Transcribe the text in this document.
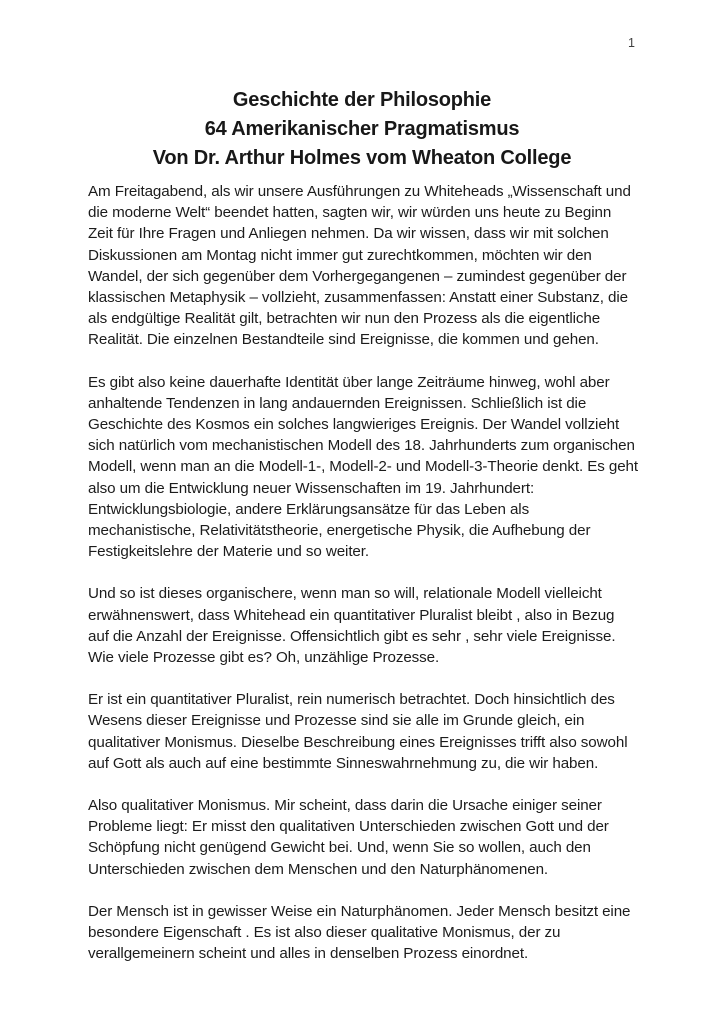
1
Geschichte der Philosophie
64 Amerikanischer Pragmatismus
Von Dr. Arthur Holmes vom Wheaton College

Am Freitagabend, als wir unsere Ausführungen zu Whiteheads „Wissenschaft und die moderne Welt“ beendet hatten, sagten wir, wir würden uns heute zu Beginn Zeit für Ihre Fragen und Anliegen nehmen. Da wir wissen, dass wir mit solchen Diskussionen am Montag nicht immer gut zurechtkommen, möchten wir den Wandel, der sich gegenüber dem Vorhergegangenen – zumindest gegenüber der klassischen Metaphysik – vollzieht, zusammenfassen: Anstatt einer Substanz, die als endgültige Realität gilt, betrachten wir nun den Prozess als die eigentliche Realität. Die einzelnen Bestandteile sind Ereignisse, die kommen und gehen.

Es gibt also keine dauerhafte Identität über lange Zeiträume hinweg, wohl aber anhaltende Tendenzen in lang andauernden Ereignissen. Schließlich ist die Geschichte des Kosmos ein solches langwieriges Ereignis. Der Wandel vollzieht sich natürlich vom mechanistischen Modell des 18. Jahrhunderts zum organischen Modell, wenn man an die Modell-1-, Modell-2- und Modell-3-Theorie denkt. Es geht also um die Entwicklung neuer Wissenschaften im 19. Jahrhundert: Entwicklungsbiologie, andere Erklärungsansätze für das Leben als mechanistische, Relativitätstheorie, energetische Physik, die Aufhebung der Festigkeitslehre der Materie und so weiter.

Und so ist dieses organischere, wenn man so will, relationale Modell vielleicht erwähnenswert, dass Whitehead ein quantitativer Pluralist bleibt , also in Bezug auf die Anzahl der Ereignisse. Offensichtlich gibt es sehr , sehr viele Ereignisse. Wie viele Prozesse gibt es? Oh, unzählige Prozesse.

Er ist ein quantitativer Pluralist, rein numerisch betrachtet. Doch hinsichtlich des Wesens dieser Ereignisse und Prozesse sind sie alle im Grunde gleich, ein qualitativer Monismus. Dieselbe Beschreibung eines Ereignisses trifft also sowohl auf Gott als auch auf eine bestimmte Sinneswahrnehmung zu, die wir haben.

Also qualitativer Monismus. Mir scheint, dass darin die Ursache einiger seiner Probleme liegt: Er misst den qualitativen Unterschieden zwischen Gott und der Schöpfung nicht genügend Gewicht bei. Und, wenn Sie so wollen, auch den Unterschieden zwischen dem Menschen und den Naturphänomenen.

Der Mensch ist in gewisser Weise ein Naturphänomen. Jeder Mensch besitzt eine besondere Eigenschaft . Es ist also dieser qualitative Monismus, der zu verallgemeinern scheint und alles in denselben Prozess einordnet.
